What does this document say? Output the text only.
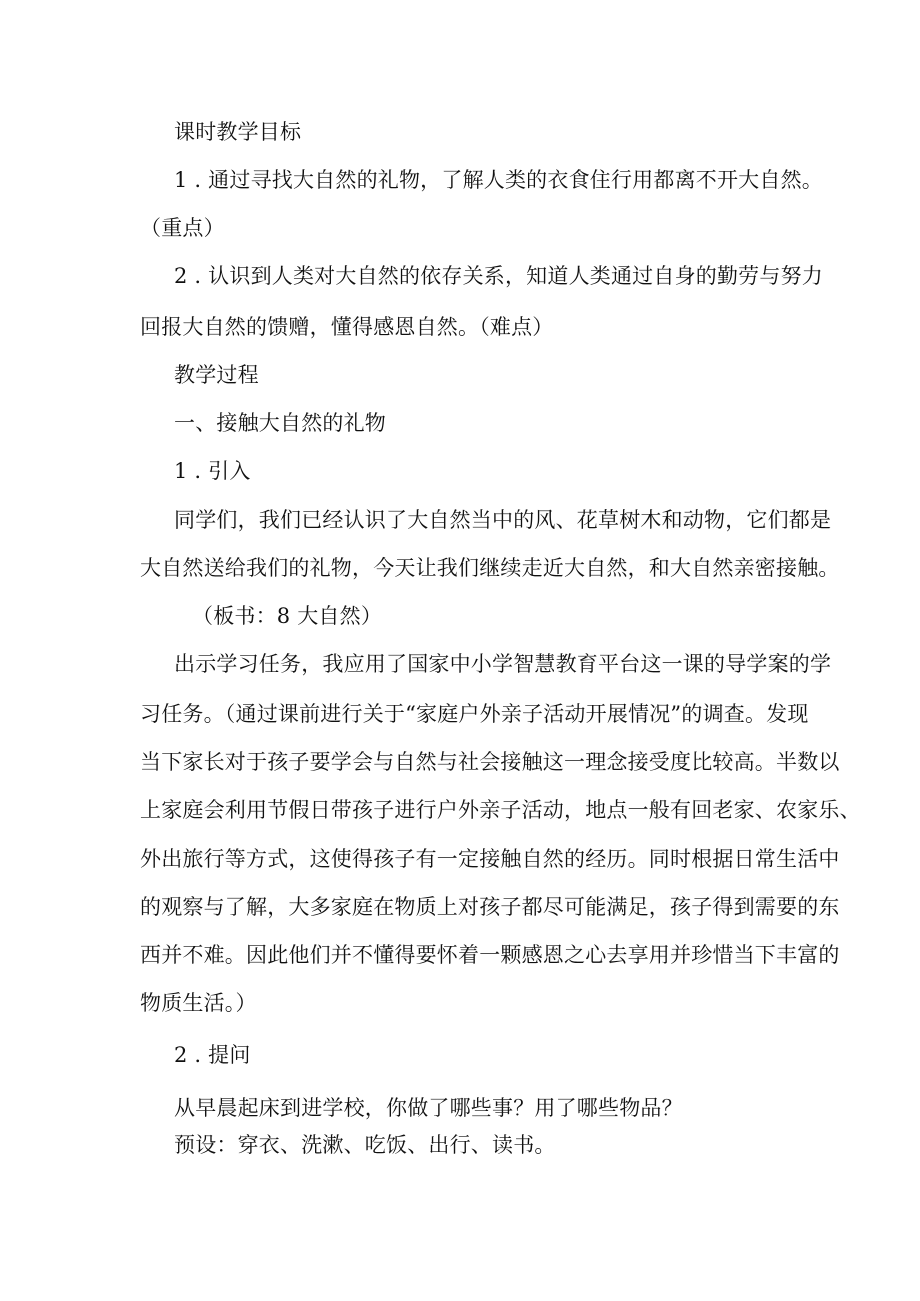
课时教学目标
1 . 通过寻找大自然的礼物，了解人类的衣食住行用都离不开大自然。
（重点）
2 . 认识到人类对大自然的依存关系，知道人类通过自身的勤劳与努力
回报大自然的馈赠，懂得感恩自然。（难点）
教学过程
一、接触大自然的礼物
1 . 引入
同学们，我们已经认识了大自然当中的风、花草树木和动物，它们都是
大自然送给我们的礼物，今天让我们继续走近大自然，和大自然亲密接触。
（板书：8 大自然）
出示学习任务，我应用了国家中小学智慧教育平台这一课的导学案的学
习任务。（通过课前进行关于“家庭户外亲子活动开展情况”的调查。发现
当下家长对于孩子要学会与自然与社会接触这一理念接受度比较高。半数以
上家庭会利用节假日带孩子进行户外亲子活动，地点一般有回老家、农家乐、
外出旅行等方式，这使得孩子有一定接触自然的经历。同时根据日常生活中
的观察与了解，大多家庭在物质上对孩子都尽可能满足，孩子得到需要的东
西并不难。因此他们并不懂得要怀着一颗感恩之心去享用并珍惜当下丰富的
物质生活。）
2 . 提问
从早晨起床到进学校，你做了哪些事？用了哪些物品？
预设：穿衣、洗漱、吃饭、出行、读书。
